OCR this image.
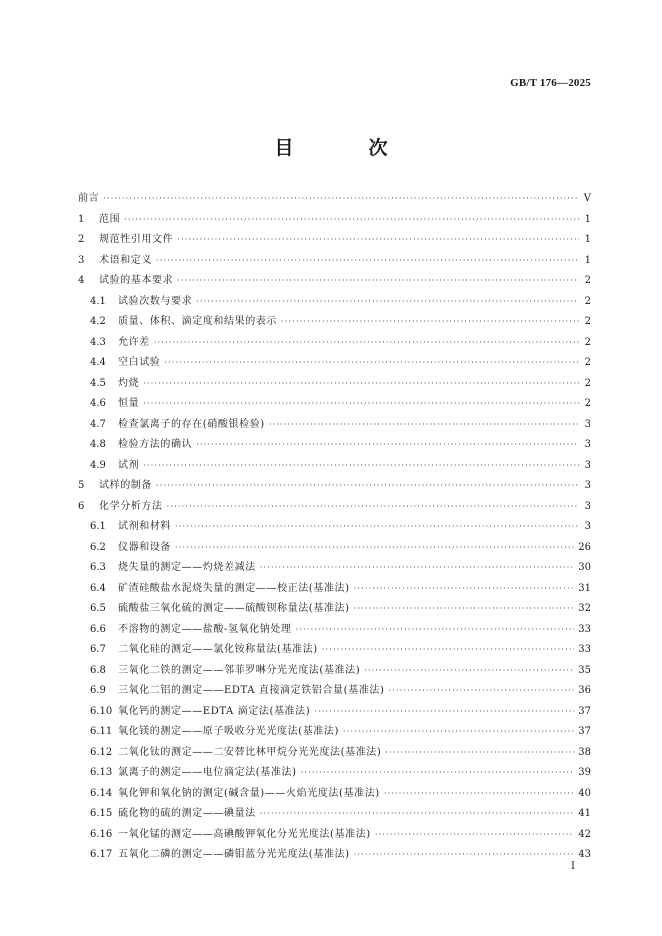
GB/T 176—2025
目　次
前言 ·····	Ⅴ
1	范围 ·····	1
2	规范性引用文件 ·····	1
3	术语和定义 ·····	1
4	试验的基本要求 ·····	2
4.1	试验次数与要求 ·····	2
4.2	质量、体积、滴定度和结果的表示 ·····	2
4.3	允许差 ·····	2
4.4	空白试验 ·····	2
4.5	灼烧 ·····	2
4.6	恒量 ·····	2
4.7	检查氯离子的存在(硝酸银检验) ·····	3
4.8	检验方法的确认 ·····	3
4.9	试剂 ·····	3
5	试样的制备 ·····	3
6	化学分析方法 ·····	3
6.1	试剂和材料 ·····	3
6.2	仪器和设备 ·····	26
6.3	烧失量的测定——灼烧差减法 ·····	30
6.4	矿渣硅酸盐水泥烧失量的测定——校正法(基准法) ·····	31
6.5	硫酸盐三氧化硫的测定——硫酸钡称量法(基准法) ·····	32
6.6	不溶物的测定——盐酸-氢氧化钠处理 ·····	33
6.7	二氧化硅的测定——氯化铵称量法(基准法) ·····	33
6.8	三氧化二铁的测定——邻菲罗啉分光光度法(基准法) ·····	35
6.9	三氧化二铝的测定——EDTA 直接滴定铁铝合量(基准法) ·····	36
6.10 氧化钙的测定——EDTA 滴定法(基准法) ·····	37
6.11 氧化镁的测定——原子吸收分光光度法(基准法) ·····	37
6.12 二氧化钛的测定——二安替比林甲烷分光光度法(基准法) ·····	38
6.13 氯离子的测定——电位滴定法(基准法) ·····	39
6.14 氧化钾和氧化钠的测定(碱含量)——火焰光度法(基准法) ·····	40
6.15 硫化物的硫的测定——碘量法 ·····	41
6.16 一氧化锰的测定——高碘酸钾氧化分光光度法(基准法) ·····	42
6.17 五氧化二磷的测定——磷钼蓝分光光度法(基准法) ·····	43
Ⅰ
